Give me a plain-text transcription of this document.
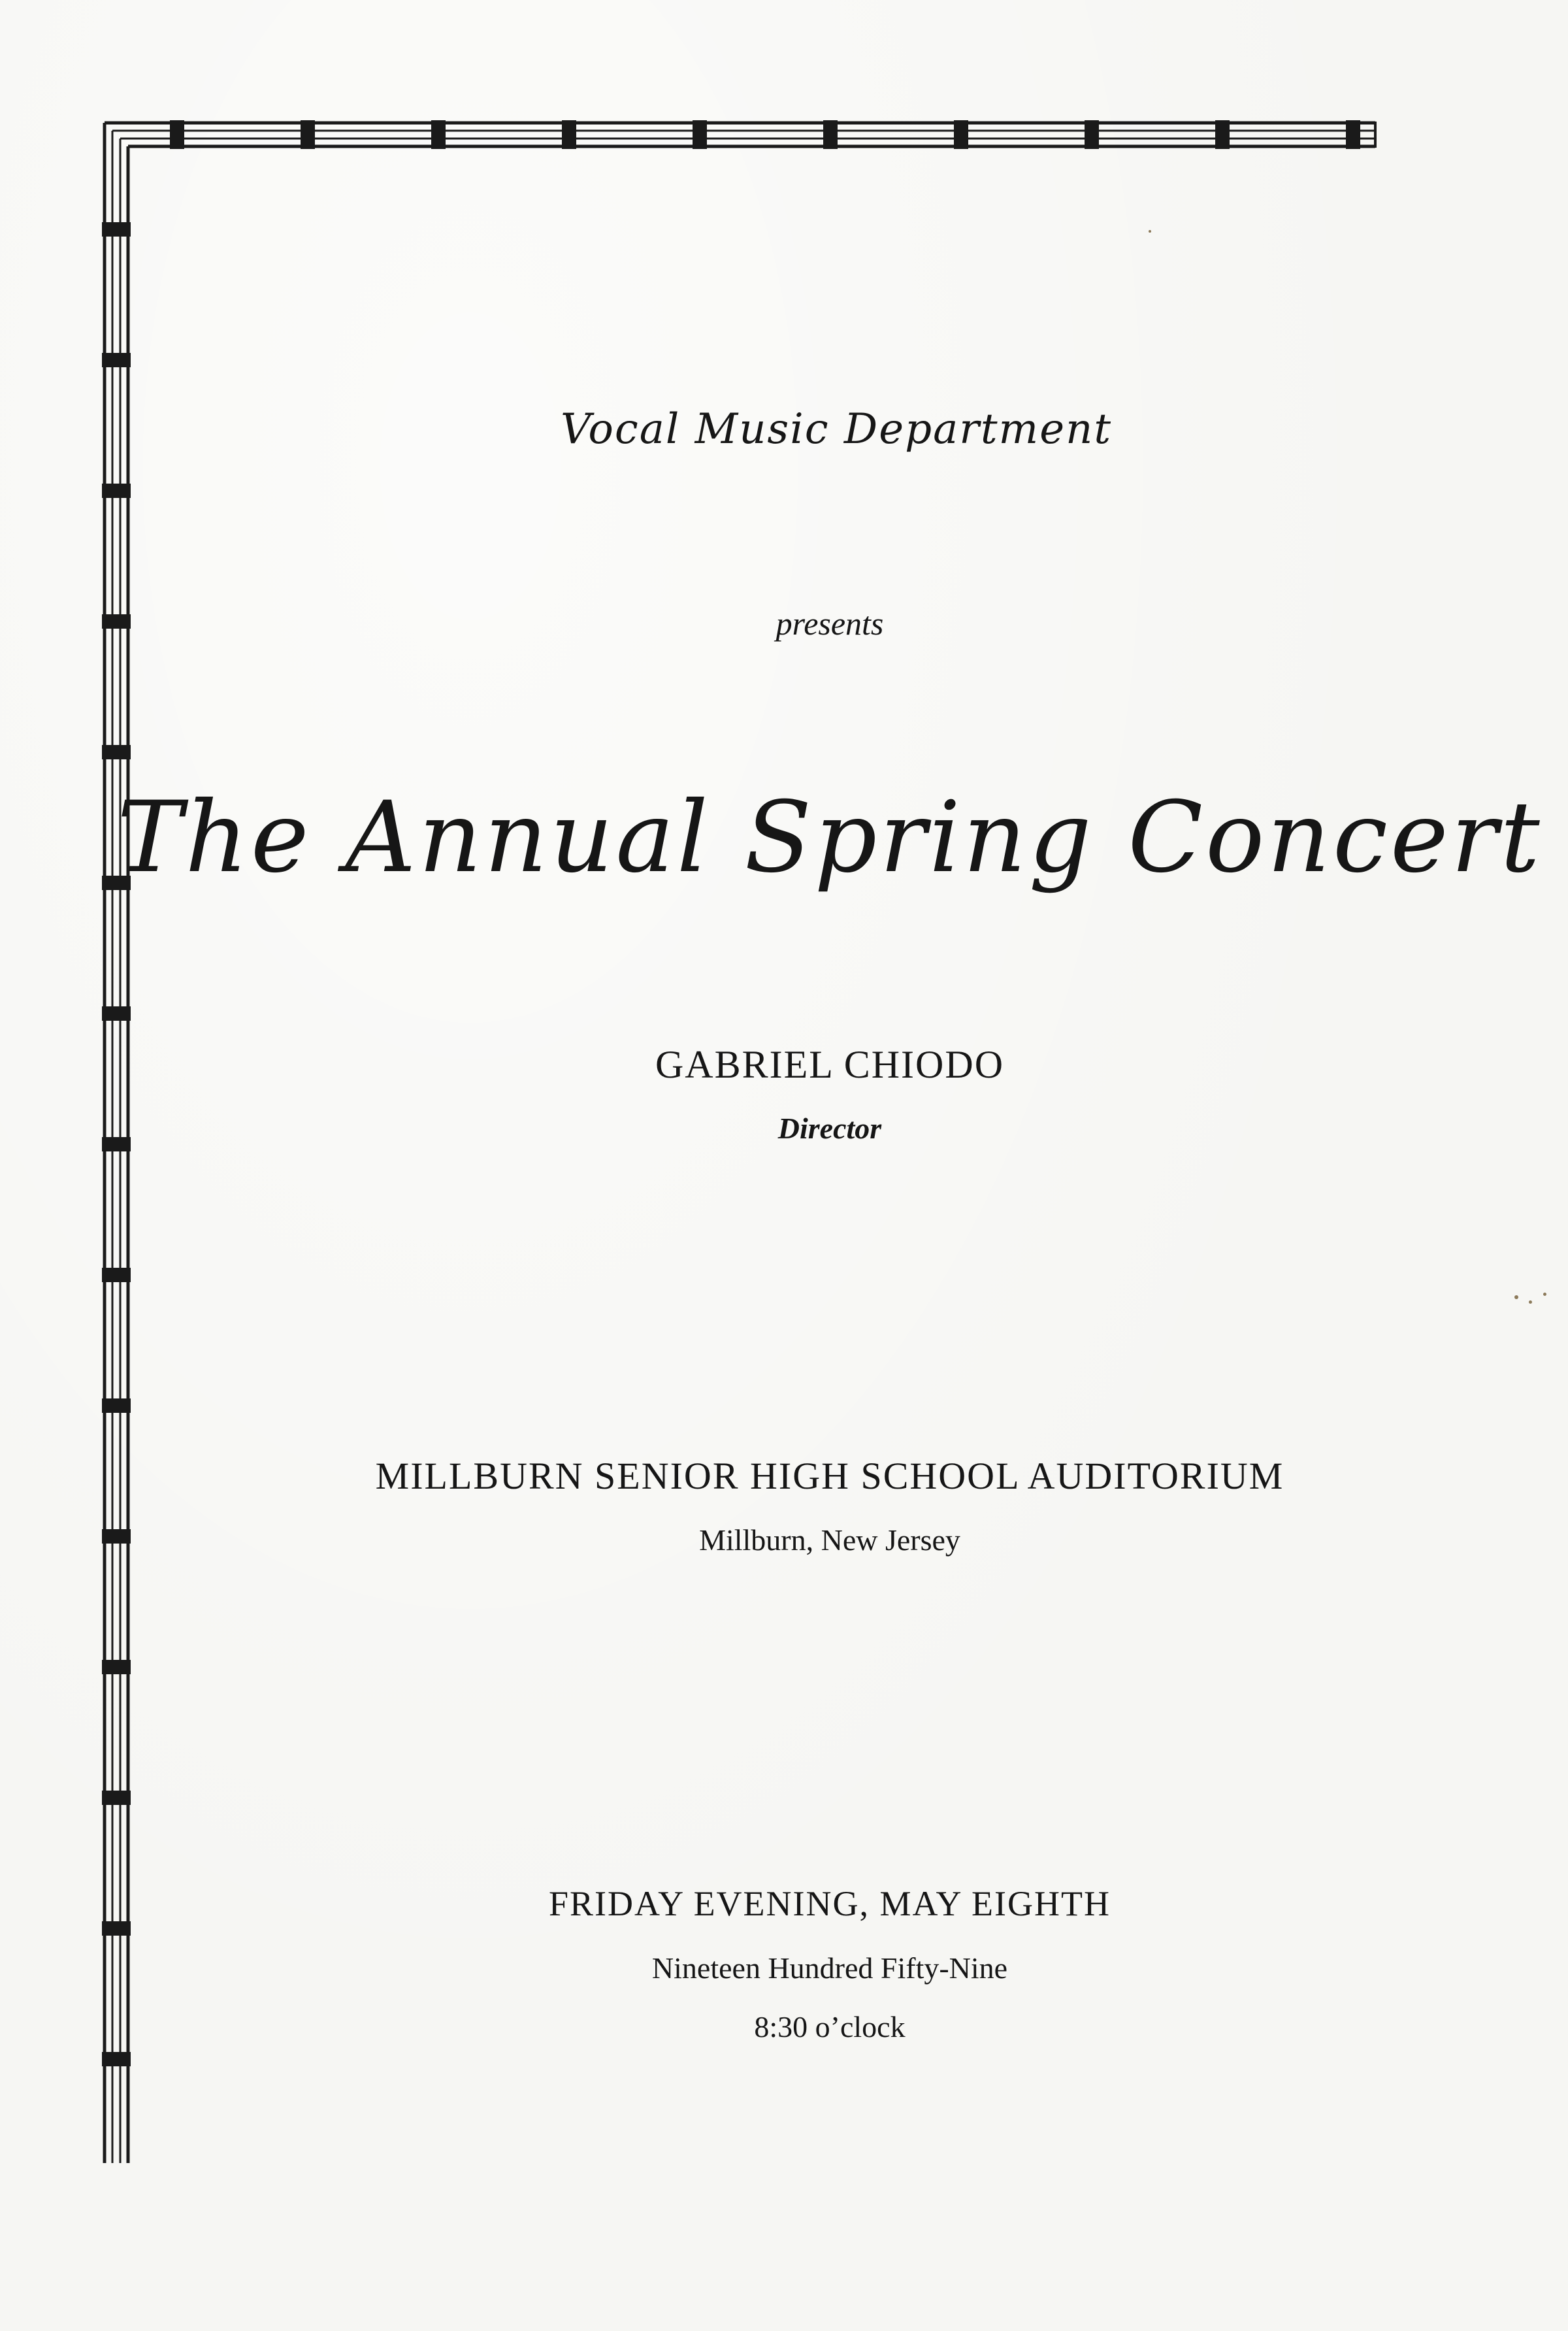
Vocal Music Department
presents
The Annual Spring Concert
GABRIEL CHIODO
Director
MILLBURN SENIOR HIGH SCHOOL AUDITORIUM
Millburn, New Jersey
FRIDAY EVENING, MAY EIGHTH
Nineteen Hundred Fifty-Nine
8:30 o’clock
